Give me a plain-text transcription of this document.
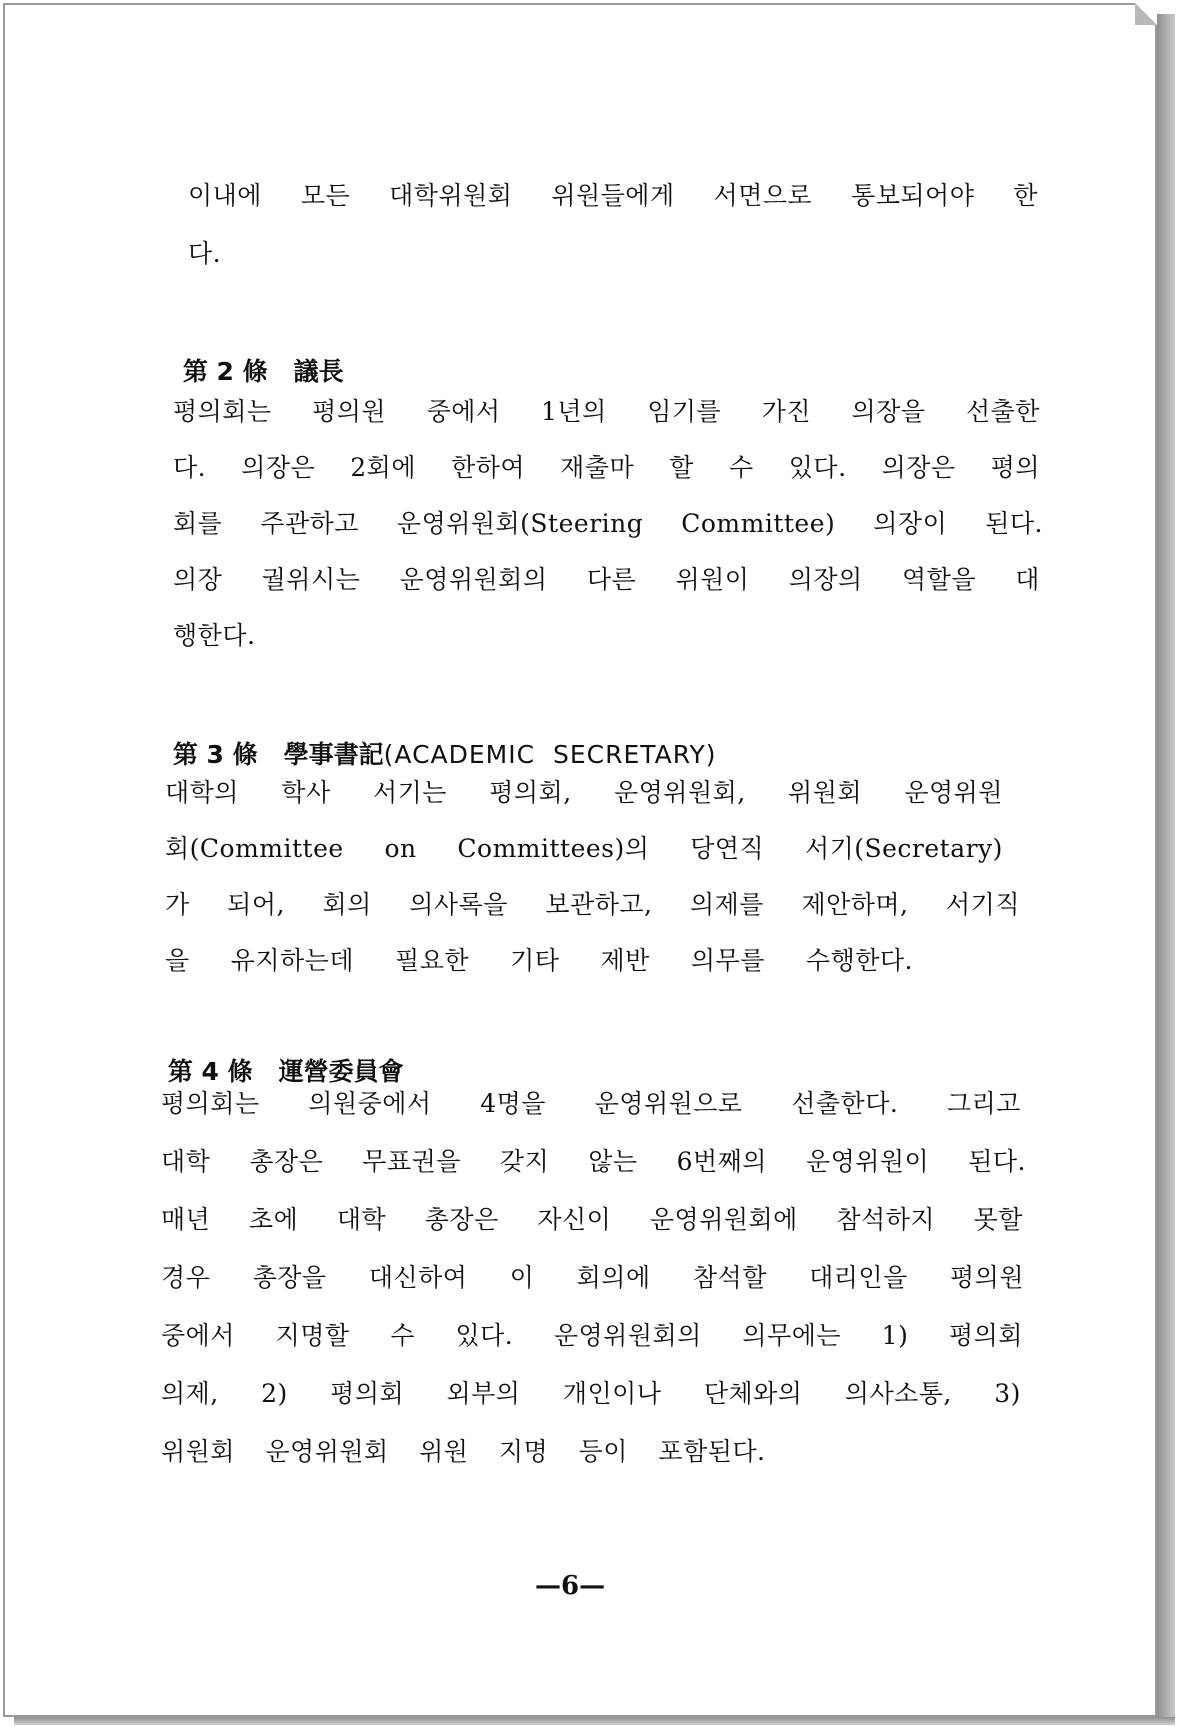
이내에 모든 대학위원회 위원들에게 서면으로 통보되어야 한
다.

第 2 條 議長

평의회는 평의원 중에서 1년의 임기를 가진 의장을 선출한
다. 의장은 2회에 한하여 재출마 할 수 있다. 의장은 평의
회를 주관하고 운영위원회(Steering Committee) 의장이 된다.
의장 궐위시는 운영위원회의 다른 위원이 의장의 역할을 대
행한다.

第 3 條 學事書記(ACADEMIC  SECRETARY)

대학의 학사 서기는 평의회, 운영위원회, 위원회 운영위원
회(Committee on Committees)의 당연직 서기(Secretary)
가 되어, 회의 의사록을 보관하고, 의제를 제안하며, 서기직
을 유지하는데 필요한 기타 제반 의무를 수행한다.

第 4 條 運營委員會

평의회는 의원중에서 4명을 운영위원으로 선출한다. 그리고
대학 총장은 무표권을 갖지 않는 6번째의 운영위원이 된다.
매년 초에 대학 총장은 자신이 운영위원회에 참석하지 못할
경우 총장을 대신하여 이 회의에 참석할 대리인을 평의원
중에서 지명할 수 있다. 운영위원회의 의무에는 1) 평의회
의제, 2) 평의회 외부의 개인이나 단체와의 의사소통, 3)
위원회 운영위원회 위원 지명 등이 포함된다.
—6—
